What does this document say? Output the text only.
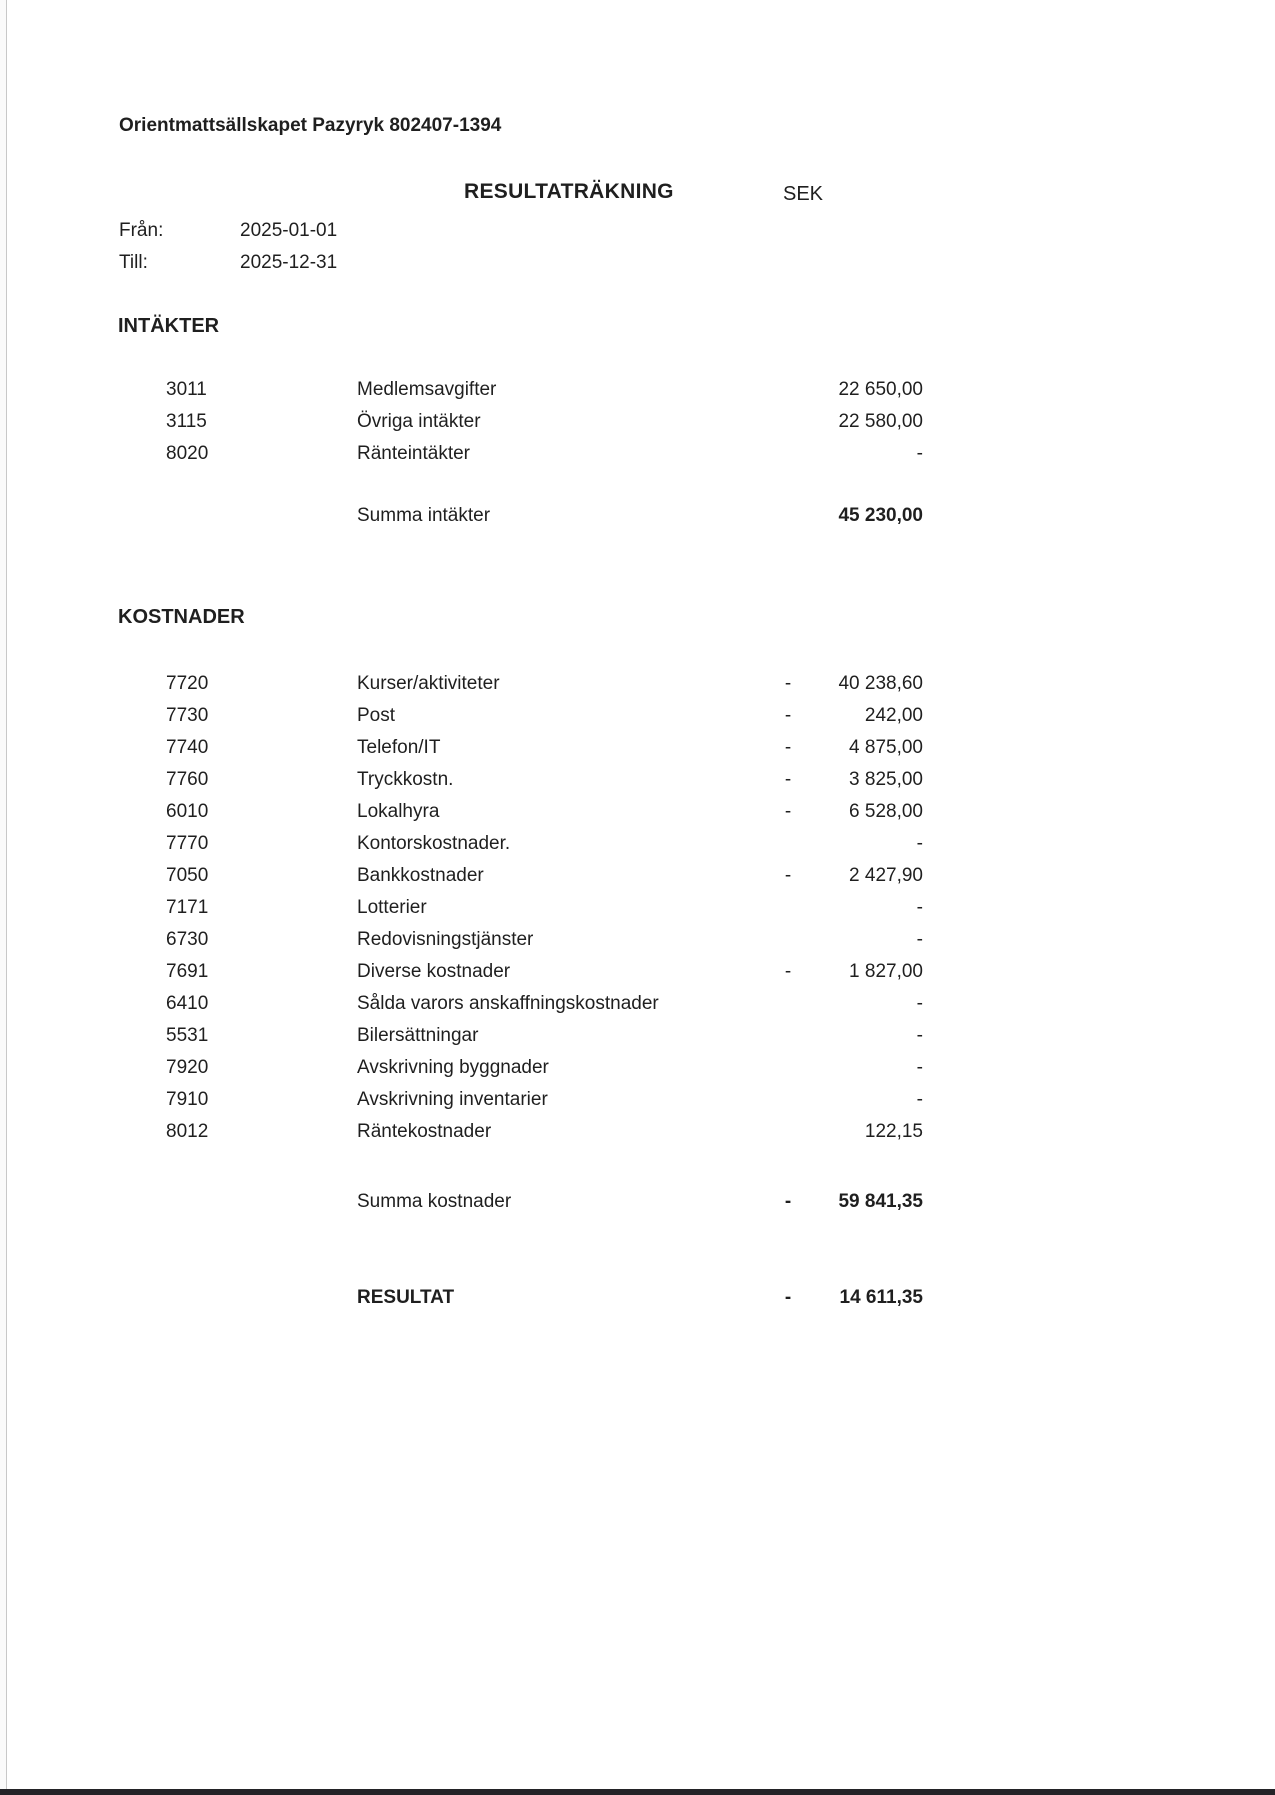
Orientmattsällskapet Pazyryk 802407-1394
RESULTATRÄKNING	SEK
Från:	2025-01-01
Till:	2025-12-31
INTÄKTER
3011	Medlemsavgifter	22 650,00
3115	Övriga intäkter	22 580,00
8020	Ränteintäkter	-
Summa intäkter	45 230,00
KOSTNADER
7720	Kurser/aktiviteter	-	40 238,60
7730	Post	-	242,00
7740	Telefon/IT	-	4 875,00
7760	Tryckkostn.	-	3 825,00
6010	Lokalhyra	-	6 528,00
7770	Kontorskostnader.	-
7050	Bankkostnader	-	2 427,90
7171	Lotterier	-
6730	Redovisningstjänster	-
7691	Diverse kostnader	-	1 827,00
6410	Sålda varors anskaffningskostnader	-
5531	Bilersättningar	-
7920	Avskrivning byggnader	-
7910	Avskrivning inventarier	-
8012	Räntekostnader	122,15
Summa kostnader	-	59 841,35
RESULTAT	-	14 611,35
